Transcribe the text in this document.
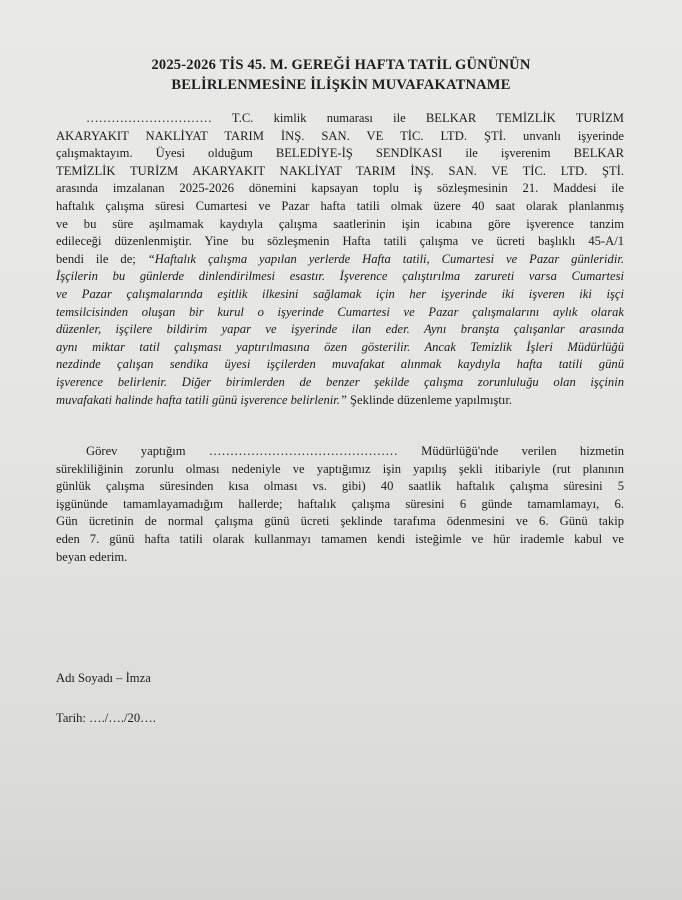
2025-2026 TİS 45. M. GEREĞİ HAFTA TATİL GÜNÜNÜN
BELİRLENMESİNE İLİŞKİN MUVAFAKATNAME
………………………… T.C. kimlik numarası ile BELKAR TEMİZLİK TURİZM
AKARYAKIT NAKLİYAT TARIM İNŞ. SAN. VE TİC. LTD. ŞTİ. unvanlı işyerinde
çalışmaktayım. Üyesi olduğum BELEDİYE-İŞ SENDİKASI ile işverenim BELKAR
TEMİZLİK TURİZM AKARYAKIT NAKLİYAT TARIM İNŞ. SAN. VE TİC. LTD. ŞTİ.
arasında imzalanan 2025-2026 dönemini kapsayan toplu iş sözleşmesinin 21. Maddesi ile
haftalık çalışma süresi Cumartesi ve Pazar hafta tatili olmak üzere 40 saat olarak planlanmış
ve bu süre aşılmamak kaydıyla çalışma saatlerinin işin icabına göre işverence tanzim
edileceği düzenlenmiştir. Yine bu sözleşmenin Hafta tatili çalışma ve ücreti başlıklı 45-A/1
bendi ile de; “Haftalık çalışma yapılan yerlerde Hafta tatili, Cumartesi ve Pazar günleridir.
İşçilerin bu günlerde dinlendirilmesi esastır. İşverence çalıştırılma zarureti varsa Cumartesi
ve Pazar çalışmalarında eşitlik ilkesini sağlamak için her işyerinde iki işveren iki işçi
temsilcisinden oluşan bir kurul o işyerinde Cumartesi ve Pazar çalışmalarını aylık olarak
düzenler, işçilere bildirim yapar ve işyerinde ilan eder. Aynı branşta çalışanlar arasında
aynı miktar tatil çalışması yaptırılmasına özen gösterilir. Ancak Temizlik İşleri Müdürlüğü
nezdinde çalışan sendika üyesi işçilerden muvafakat alınmak kaydıyla hafta tatili günü
işverence belirlenir. Diğer birimlerden de benzer şekilde çalışma zorunluluğu olan işçinin
muvafakati halinde hafta tatili günü işverence belirlenir.” Şeklinde düzenleme yapılmıştır.
Görev yaptığım ……………………………………… Müdürlüğü'nde verilen hizmetin
sürekliliğinin zorunlu olması nedeniyle ve yaptığımız işin yapılış şekli itibariyle (rut planının
günlük çalışma süresinden kısa olması vs. gibi) 40 saatlik haftalık çalışma süresini 5
işgününde tamamlayamadığım hallerde; haftalık çalışma süresini 6 günde tamamlamayı, 6.
Gün ücretinin de normal çalışma günü ücreti şeklinde tarafıma ödenmesini ve 6. Günü takip
eden 7. günü hafta tatili olarak kullanmayı tamamen kendi isteğimle ve hür irademle kabul ve
beyan ederim.
Adı Soyadı – İmza
Tarih: …./…./20….
